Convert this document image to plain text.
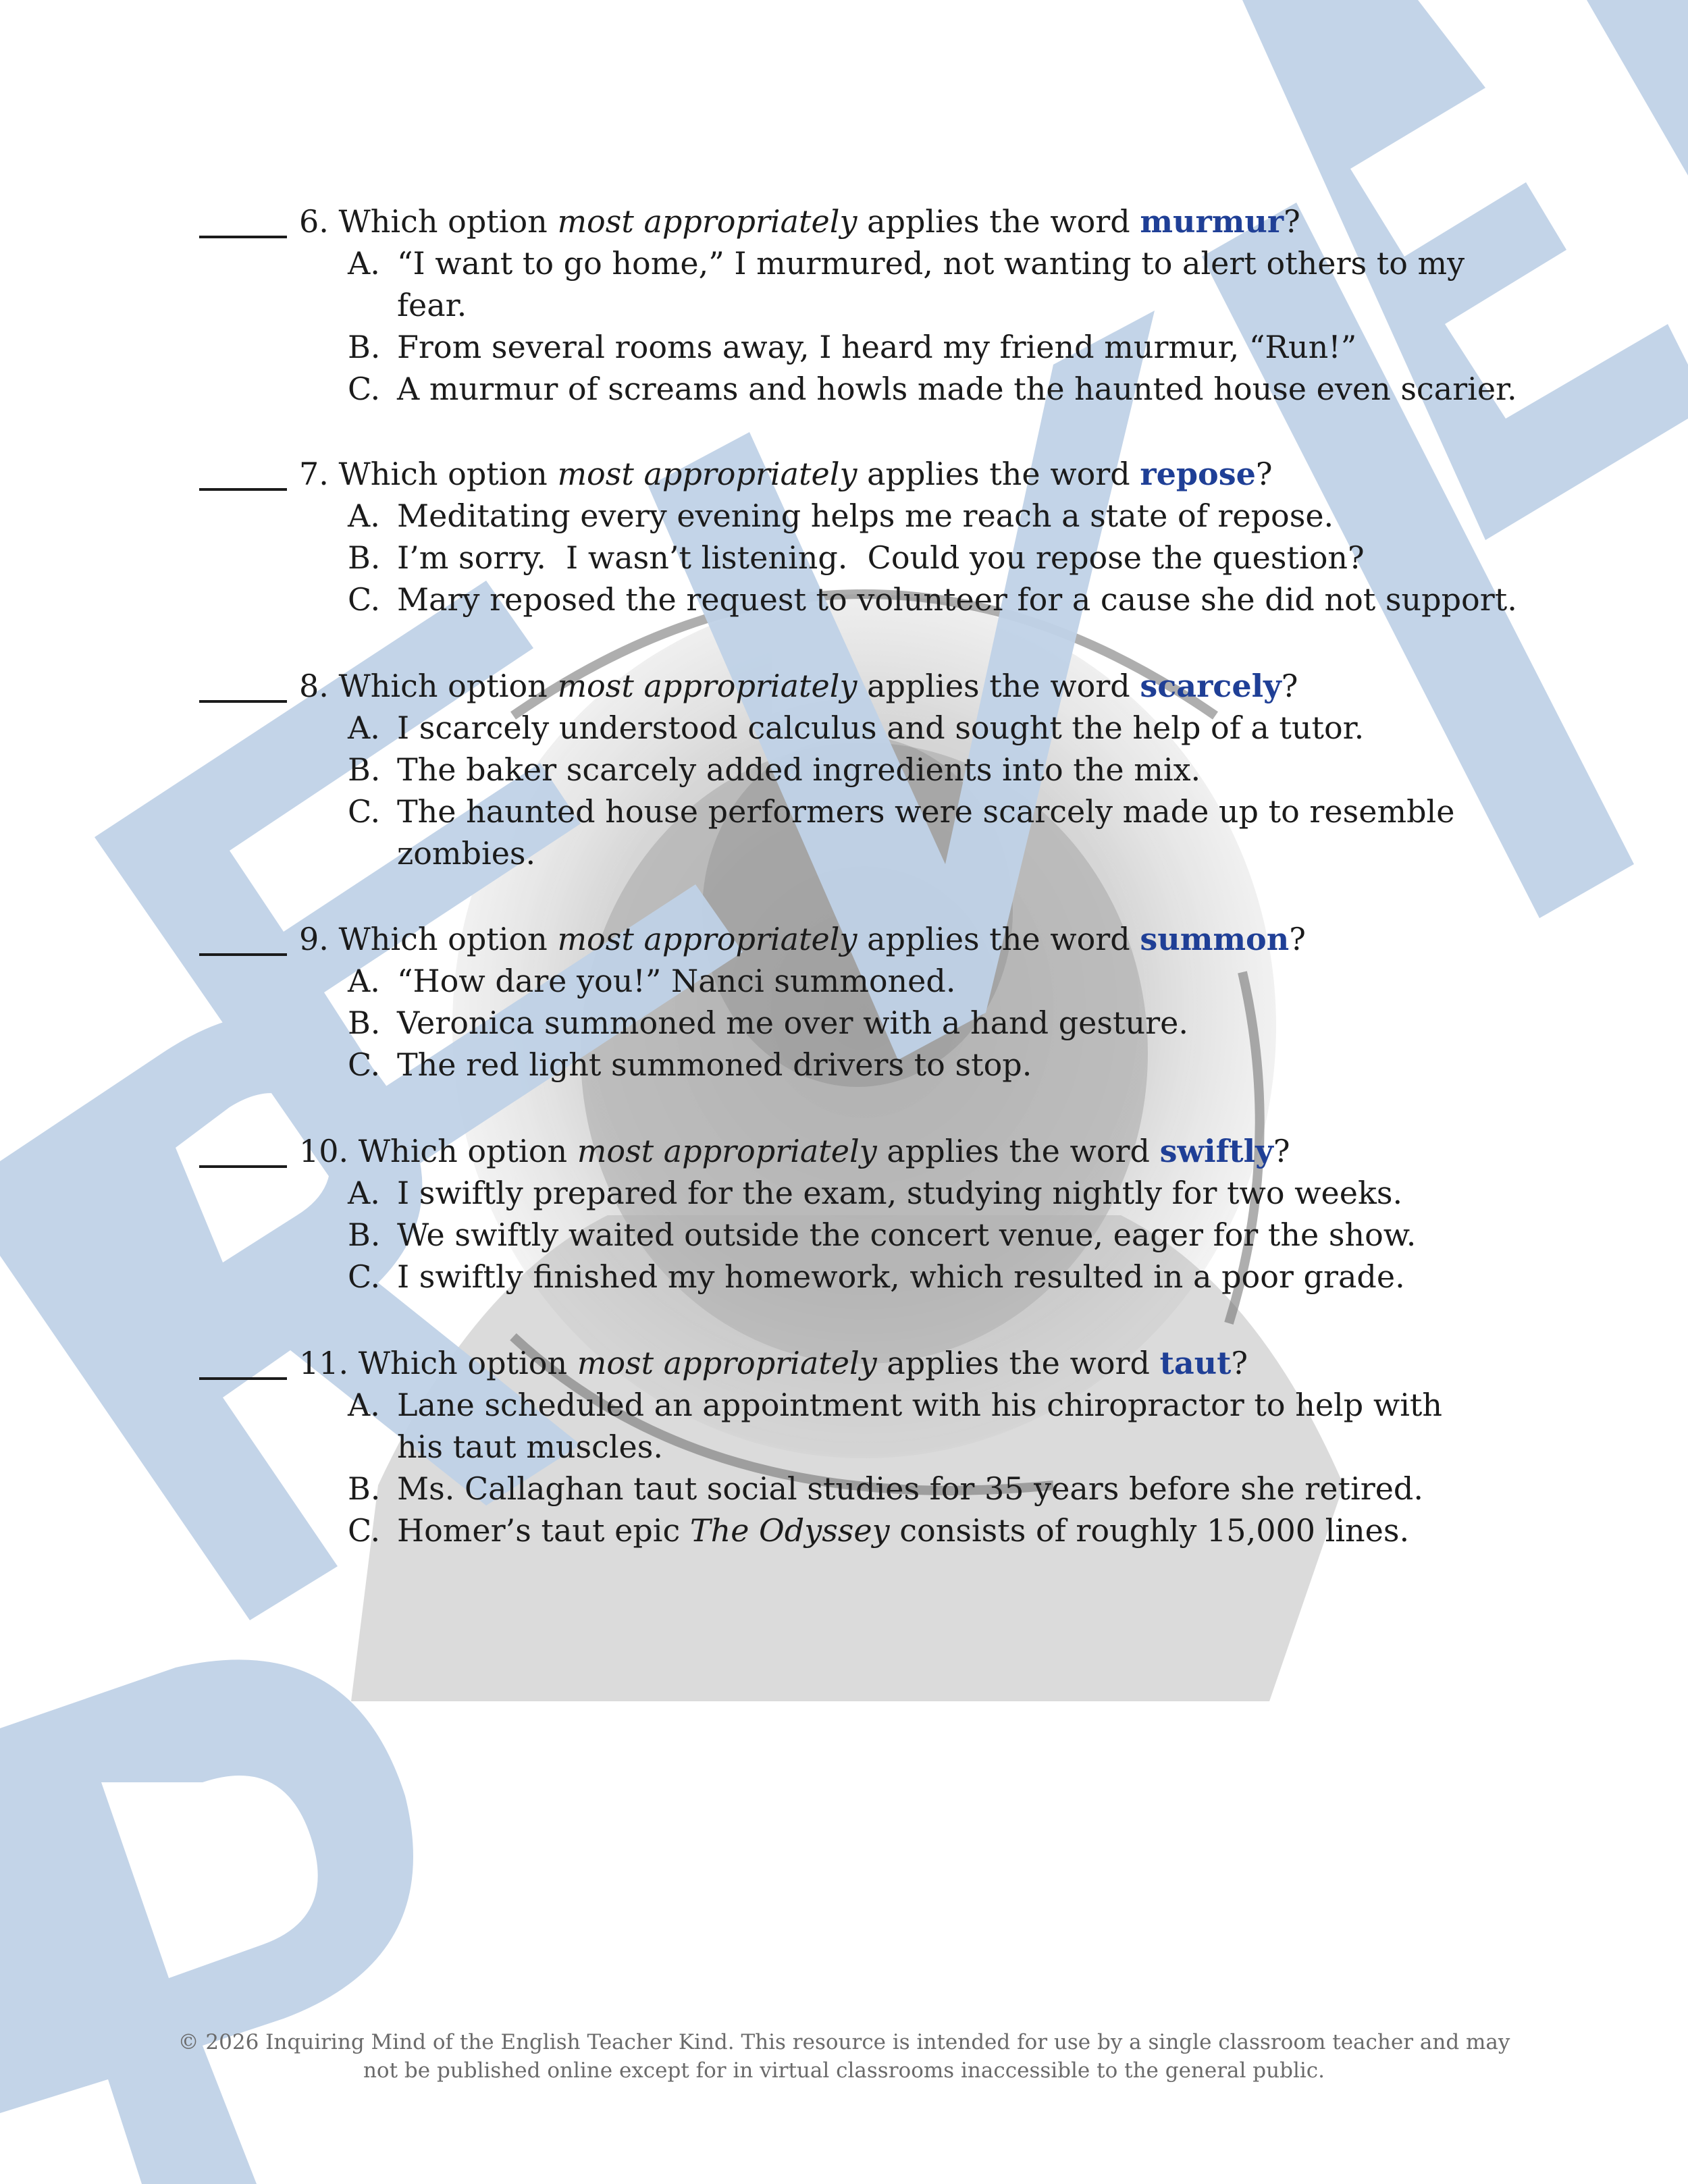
6. Which option most appropriately applies the word murmur?
A. “I want to go home,” I murmured, not wanting to alert others to my fear.
B. From several rooms away, I heard my friend murmur, “Run!”
C. A murmur of screams and howls made the haunted house even scarier.
7. Which option most appropriately applies the word repose?
A. Meditating every evening helps me reach a state of repose.
B. I’m sorry.  I wasn’t listening.  Could you repose the question?
C. Mary reposed the request to volunteer for a cause she did not support.
8. Which option most appropriately applies the word scarcely?
A. I scarcely understood calculus and sought the help of a tutor.
B. The baker scarcely added ingredients into the mix.
C. The haunted house performers were scarcely made up to resemble zombies.
9. Which option most appropriately applies the word summon?
A. “How dare you!” Nanci summoned.
B. Veronica summoned me over with a hand gesture.
C. The red light summoned drivers to stop.
10. Which option most appropriately applies the word swiftly?
A. I swiftly prepared for the exam, studying nightly for two weeks.
B. We swiftly waited outside the concert venue, eager for the show.
C. I swiftly finished my homework, which resulted in a poor grade.
11. Which option most appropriately applies the word taut?
A. Lane scheduled an appointment with his chiropractor to help with his taut muscles.
B. Ms. Callaghan taut social studies for 35 years before she retired.
C. Homer’s taut epic The Odyssey consists of roughly 15,000 lines.
© 2026 Inquiring Mind of the English Teacher Kind. This resource is intended for use by a single classroom teacher and may
not be published online except for in virtual classrooms inaccessible to the general public.
